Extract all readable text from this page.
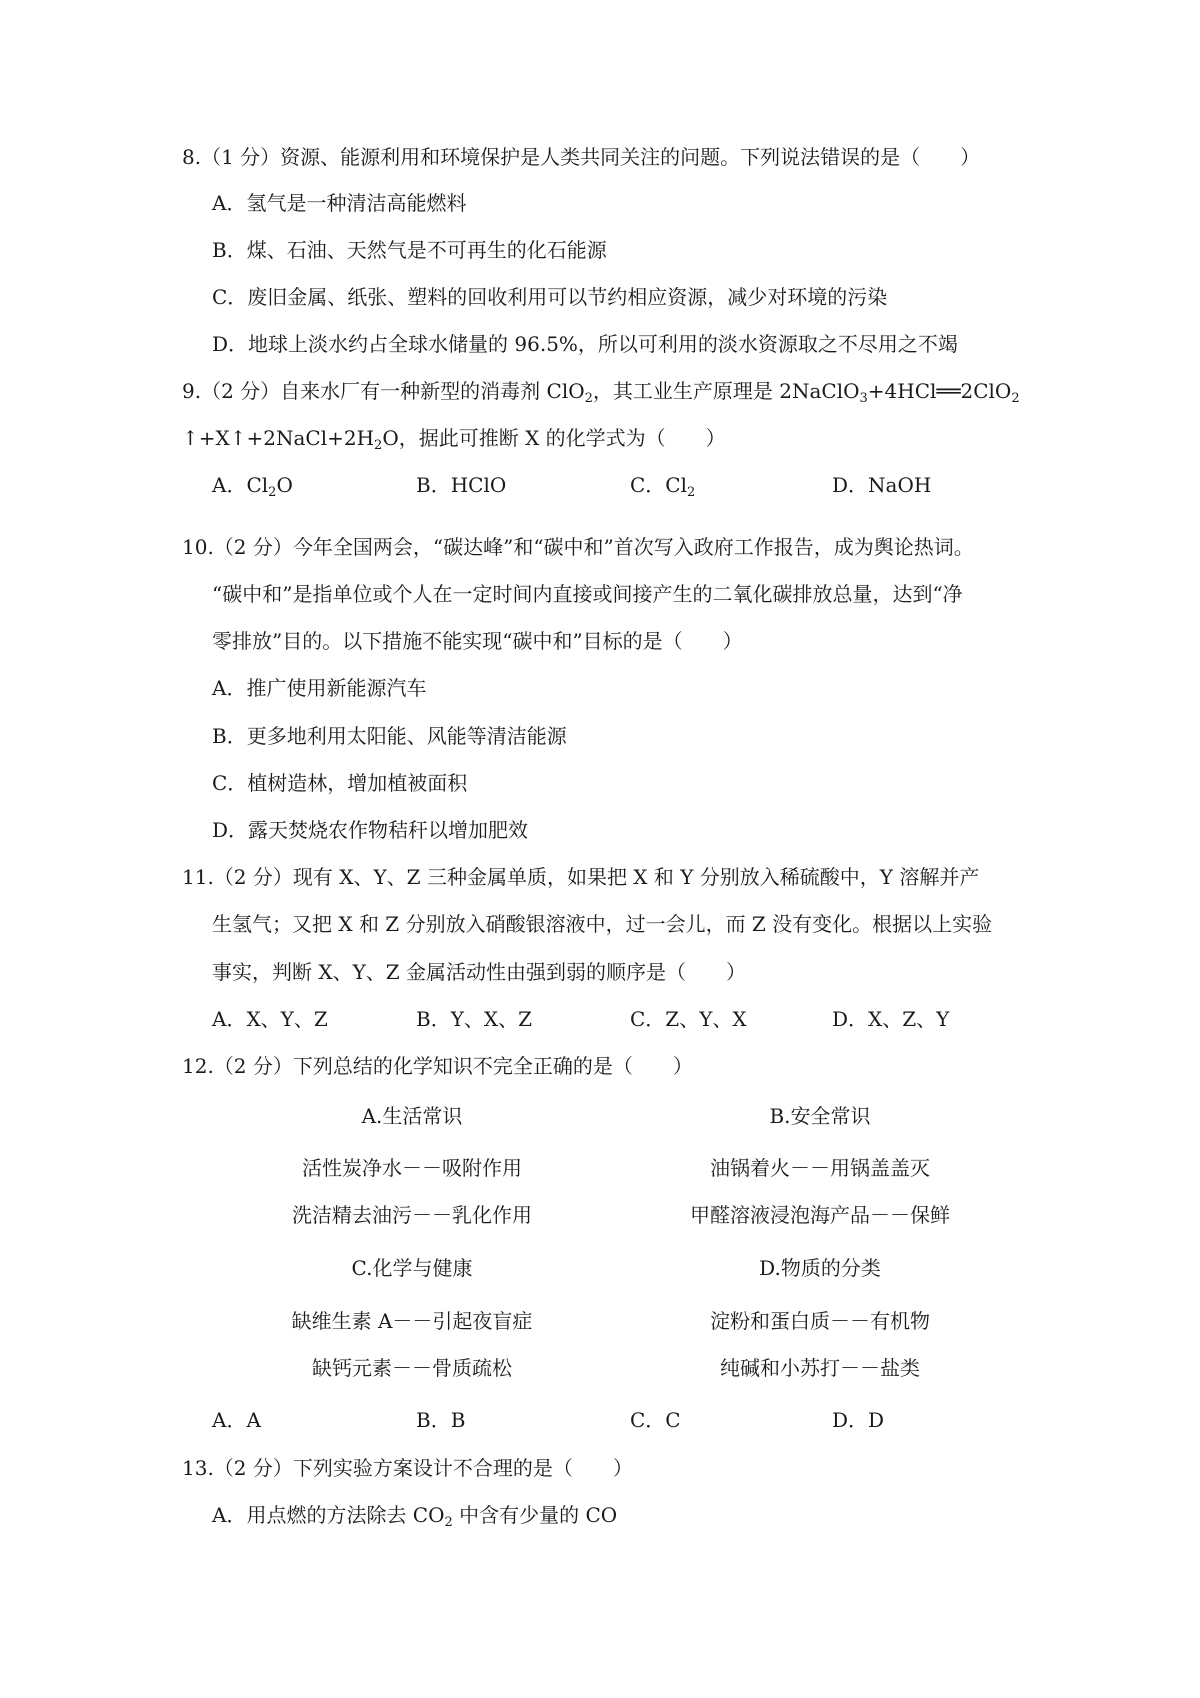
8.（1 分）资源、能源利用和环境保护是人类共同关注的问题。下列说法错误的是（　　）
A．氢气是一种清洁高能燃料
B．煤、石油、天然气是不可再生的化石能源
C．废旧金属、纸张、塑料的回收利用可以节约相应资源，减少对环境的污染
D．地球上淡水约占全球水储量的 96.5%，所以可利用的淡水资源取之不尽用之不竭
9.（2 分）自来水厂有一种新型的消毒剂 ClO$_2$，其工业生产原理是 2NaClO$_3$+4HCl══2ClO$_2$
$↑+X↑+2NaCl+2H_2O$，据此可推断 X 的化学式为（　　）
A．$Cl_2O$	B．HClO	C．$Cl_2$	D．NaOH
10.（2 分）今年全国两会，“碳达峰”和“碳中和”首次写入政府工作报告，成为舆论热词。
“碳中和”是指单位或个人在一定时间内直接或间接产生的二氧化碳排放总量，达到“净
零排放”目的。以下措施不能实现“碳中和”目标的是（　　）
A．推广使用新能源汽车
B．更多地利用太阳能、风能等清洁能源
C．植树造林，增加植被面积
D．露天焚烧农作物秸秆以增加肥效
11.（2 分）现有 X、Y、Z 三种金属单质，如果把 X 和 Y 分别放入稀硫酸中，Y 溶解并产
生氢气；又把 X 和 Z 分别放入硝酸银溶液中，过一会儿，而 Z 没有变化。根据以上实验
事实，判断 X、Y、Z 金属活动性由强到弱的顺序是（　　）
A．X、Y、Z	B．Y、X、Z	C．Z、Y、X	D．X、Z、Y
12.（2 分）下列总结的化学知识不完全正确的是（　　）
A.生活常识	B.安全常识
活性炭净水－－吸附作用	油锅着火－－用锅盖盖灭
洗洁精去油污－－乳化作用	甲醛溶液浸泡海产品－－保鲜
C.化学与健康	D.物质的分类
缺维生素 A－－引起夜盲症	淀粉和蛋白质－－有机物
缺钙元素－－骨质疏松	纯碱和小苏打－－盐类
A．A	B．B	C．C	D．D
13.（2 分）下列实验方案设计不合理的是（　　）
A．用点燃的方法除去 $CO_2$ 中含有少量的 CO
